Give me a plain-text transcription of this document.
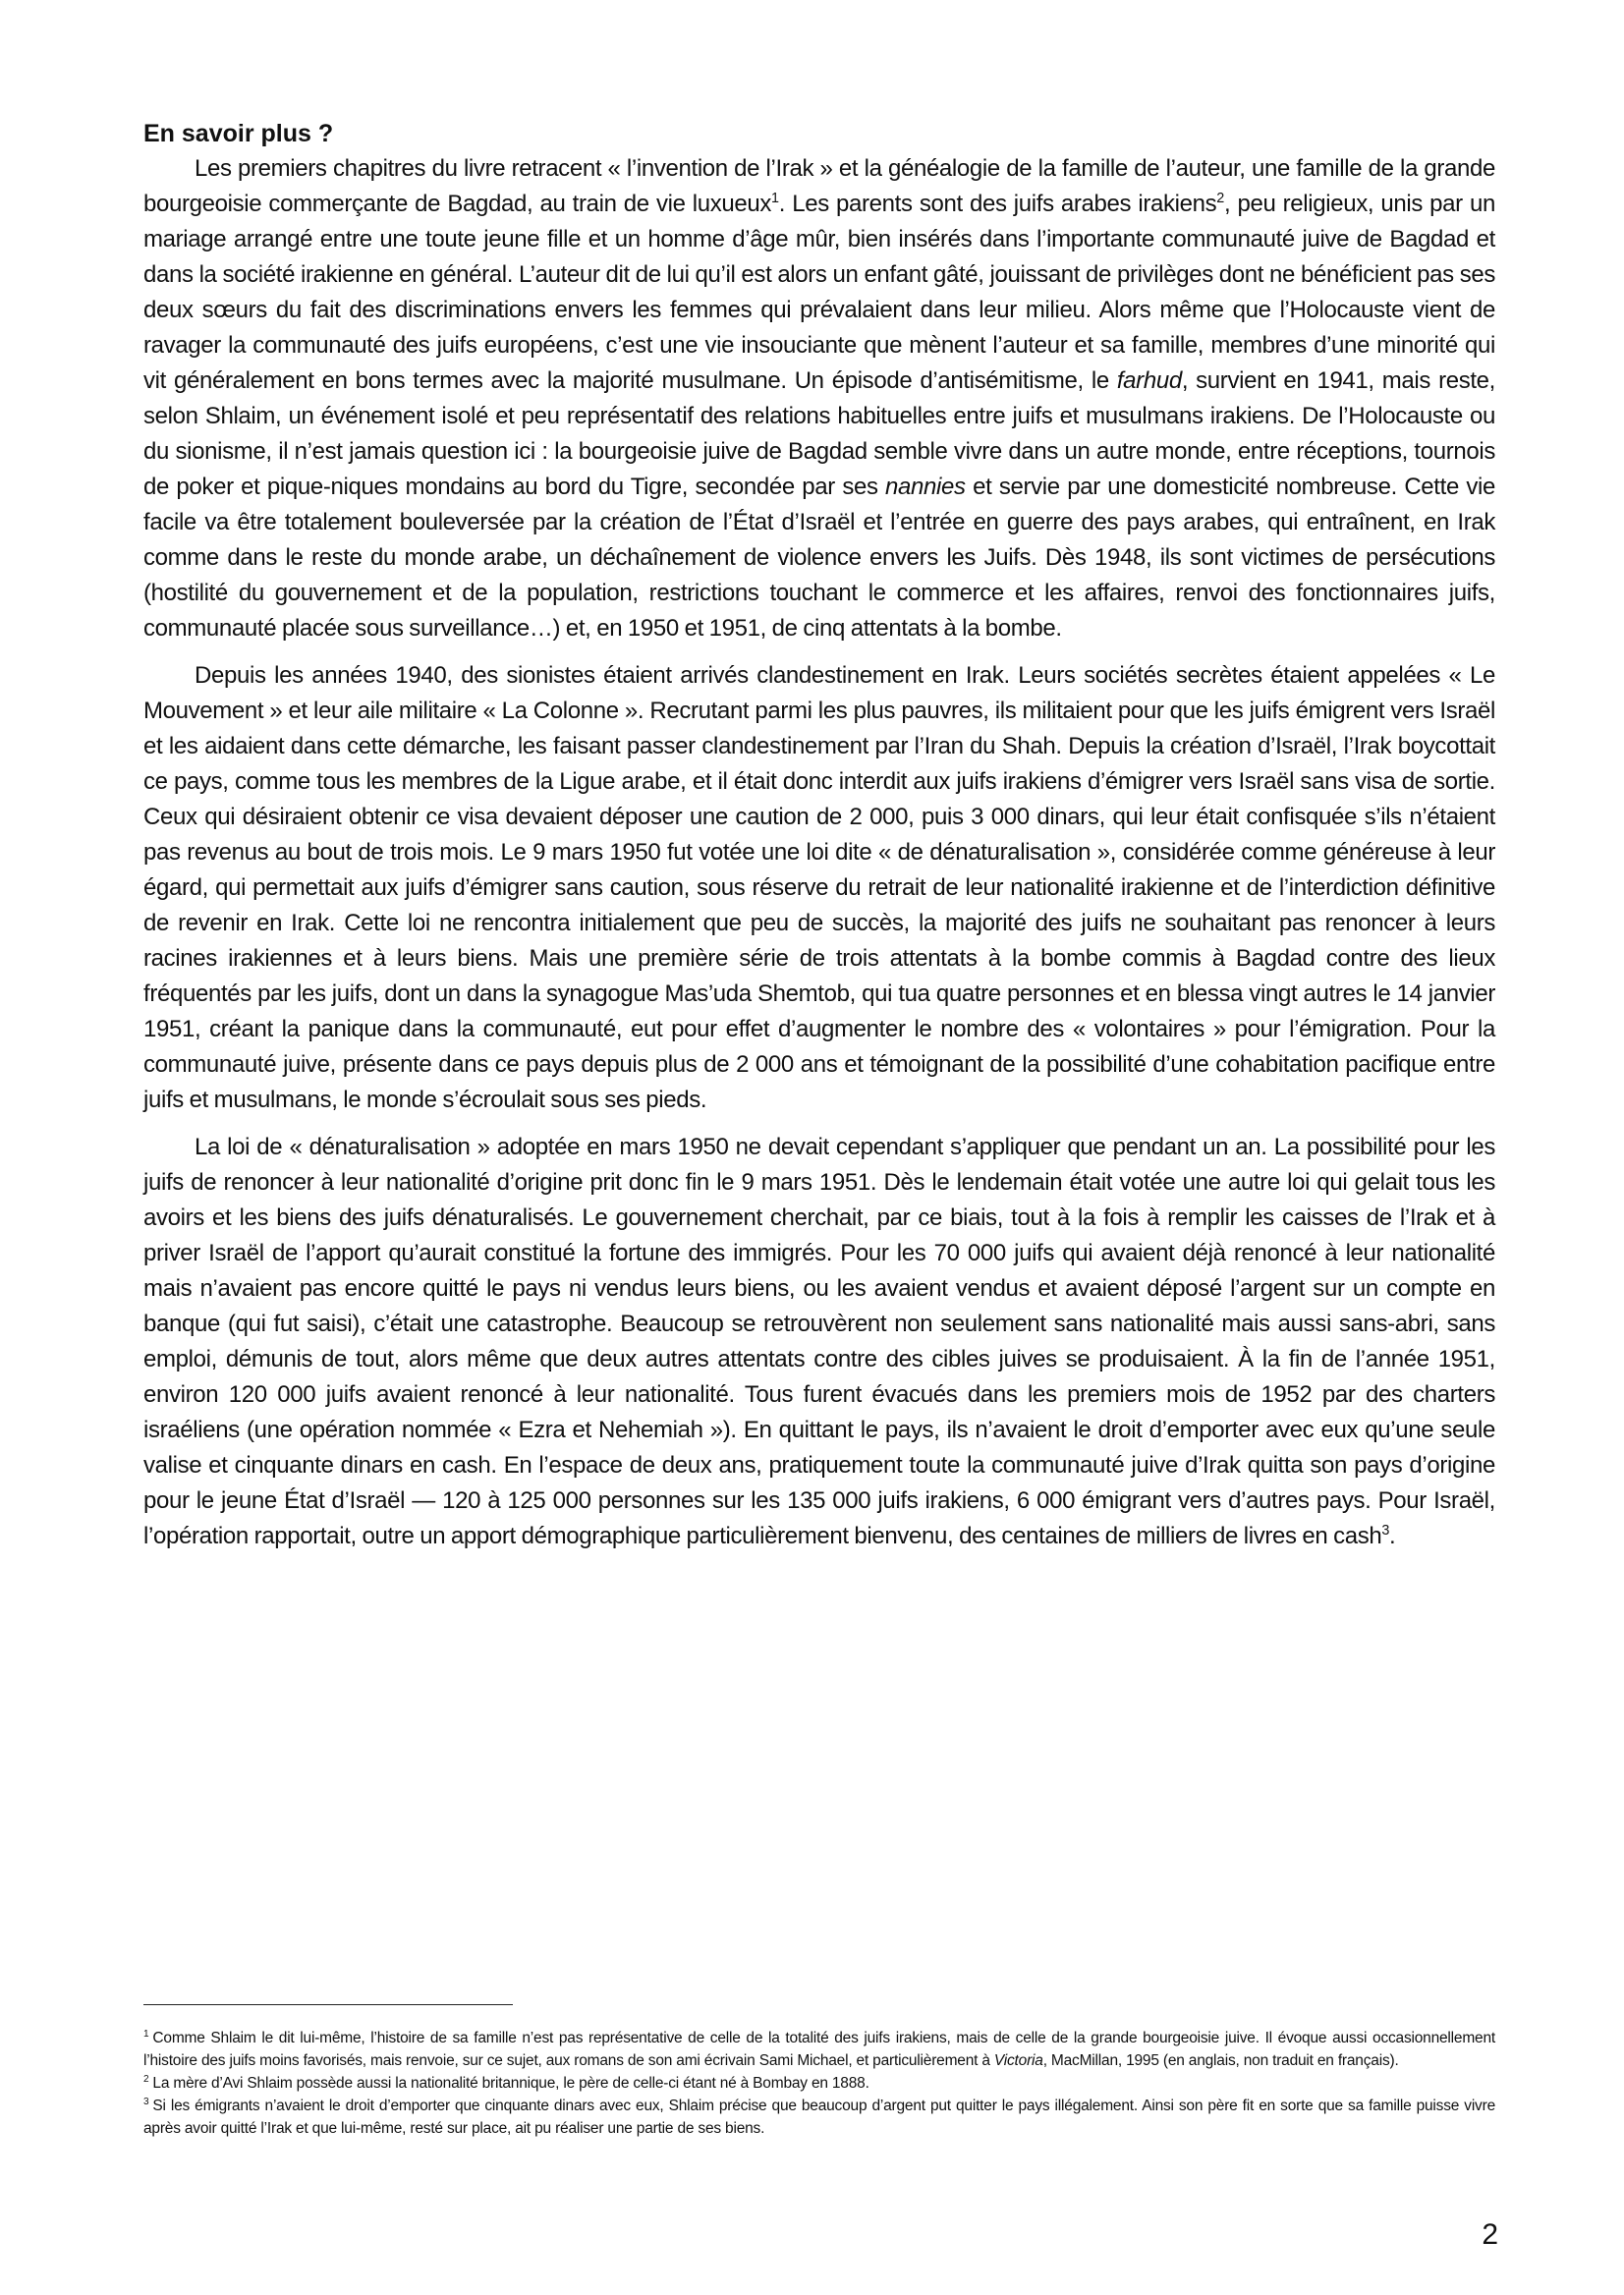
En savoir plus ?

Les premiers chapitres du livre retracent « l’invention de l’Irak » et la généalogie de la famille de l’auteur, une famille de la grande bourgeoisie commerçante de Bagdad, au train de vie luxueux$^1$. Les parents sont des juifs arabes irakiens$^2$, peu religieux, unis par un mariage arrangé entre une toute jeune fille et un homme d’âge mûr, bien insérés dans l’importante communauté juive de Bagdad et dans la société irakienne en général. L’auteur dit de lui qu’il est alors un enfant gâté, jouissant de privilèges dont ne bénéficient pas ses deux sœurs du fait des discriminations envers les femmes qui prévalaient dans leur milieu. Alors même que l’Holocauste vient de ravager la communauté des juifs européens, c’est une vie insouciante que mènent l’auteur et sa famille, membres d’une minorité qui vit généralement en bons termes avec la majorité musulmane. Un épisode d’antisémitisme, le farhud, survient en 1941, mais reste, selon Shlaim, un événement isolé et peu représentatif des relations habituelles entre juifs et musulmans irakiens. De l’Holocauste ou du sionisme, il n’est jamais question ici : la bourgeoisie juive de Bagdad semble vivre dans un autre monde, entre réceptions, tournois de poker et pique-niques mondains au bord du Tigre, secondée par ses nannies et servie par une domesticité nombreuse. Cette vie facile va être totalement bouleversée par la création de l’État d’Israël et l’entrée en guerre des pays arabes, qui entraînent, en Irak comme dans le reste du monde arabe, un déchaînement de violence envers les Juifs. Dès 1948, ils sont victimes de persécutions (hostilité du gouvernement et de la population, restrictions touchant le commerce et les affaires, renvoi des fonctionnaires juifs, communauté placée sous surveillance…) et, en 1950 et 1951, de cinq attentats à la bombe.

Depuis les années 1940, des sionistes étaient arrivés clandestinement en Irak. Leurs sociétés secrètes étaient appelées « Le Mouvement » et leur aile militaire « La Colonne ». Recrutant parmi les plus pauvres, ils militaient pour que les juifs émigrent vers Israël et les aidaient dans cette démarche, les faisant passer clandestinement par l’Iran du Shah. Depuis la création d’Israël, l’Irak boycottait ce pays, comme tous les membres de la Ligue arabe, et il était donc interdit aux juifs irakiens d’émigrer vers Israël sans visa de sortie. Ceux qui désiraient obtenir ce visa devaient déposer une caution de 2 000, puis 3 000 dinars, qui leur était confisquée s’ils n’étaient pas revenus au bout de trois mois. Le 9 mars 1950 fut votée une loi dite « de dénaturalisation », considérée comme généreuse à leur égard, qui permettait aux juifs d’émigrer sans caution, sous réserve du retrait de leur nationalité irakienne et de l’interdiction définitive de revenir en Irak. Cette loi ne rencontra initialement que peu de succès, la majorité des juifs ne souhaitant pas renoncer à leurs racines irakiennes et à leurs biens. Mais une première série de trois attentats à la bombe commis à Bagdad contre des lieux fréquentés par les juifs, dont un dans la synagogue Mas’uda Shemtob, qui tua quatre personnes et en blessa vingt autres le 14 janvier 1951, créant la panique dans la communauté, eut pour effet d’augmenter le nombre des « volontaires » pour l’émigration. Pour la communauté juive, présente dans ce pays depuis plus de 2 000 ans et témoignant de la possibilité d’une cohabitation pacifique entre juifs et musulmans, le monde s’écroulait sous ses pieds.

La loi de « dénaturalisation » adoptée en mars 1950 ne devait cependant s’appliquer que pendant un an. La possibilité pour les juifs de renoncer à leur nationalité d’origine prit donc fin le 9 mars 1951. Dès le lendemain était votée une autre loi qui gelait tous les avoirs et les biens des juifs dénaturalisés. Le gouvernement cherchait, par ce biais, tout à la fois à remplir les caisses de l’Irak et à priver Israël de l’apport qu’aurait constitué la fortune des immigrés. Pour les 70 000 juifs qui avaient déjà renoncé à leur nationalité mais n’avaient pas encore quitté le pays ni vendus leurs biens, ou les avaient vendus et avaient déposé l’argent sur un compte en banque (qui fut saisi), c’était une catastrophe. Beaucoup se retrouvèrent non seulement sans nationalité mais aussi sans-abri, sans emploi, démunis de tout, alors même que deux autres attentats contre des cibles juives se produisaient. À la fin de l’année 1951, environ 120 000 juifs avaient renoncé à leur nationalité. Tous furent évacués dans les premiers mois de 1952 par des charters israéliens (une opération nommée « Ezra et Nehemiah »). En quittant le pays, ils n’avaient le droit d’emporter avec eux qu’une seule valise et cinquante dinars en cash. En l’espace de deux ans, pratiquement toute la communauté juive d’Irak quitta son pays d’origine pour le jeune État d’Israël — 120 à 125 000 personnes sur les 135 000 juifs irakiens, 6 000 émigrant vers d’autres pays. Pour Israël, l’opération rapportait, outre un apport démographique particulièrement bienvenu, des centaines de milliers de livres en cash$^3$.

$^1$ Comme Shlaim le dit lui-même, l’histoire de sa famille n’est pas représentative de celle de la totalité des juifs irakiens, mais de celle de la grande bourgeoisie juive. Il évoque aussi occasionnellement l’histoire des juifs moins favorisés, mais renvoie, sur ce sujet, aux romans de son ami écrivain Sami Michael, et particulièrement à Victoria, MacMillan, 1995 (en anglais, non traduit en français).

$^2$ La mère d’Avi Shlaim possède aussi la nationalité britannique, le père de celle-ci étant né à Bombay en 1888.

$^3$ Si les émigrants n’avaient le droit d’emporter que cinquante dinars avec eux, Shlaim précise que beaucoup d’argent put quitter le pays illégalement. Ainsi son père fit en sorte que sa famille puisse vivre après avoir quitté l’Irak et que lui-même, resté sur place, ait pu réaliser une partie de ses biens.

2
